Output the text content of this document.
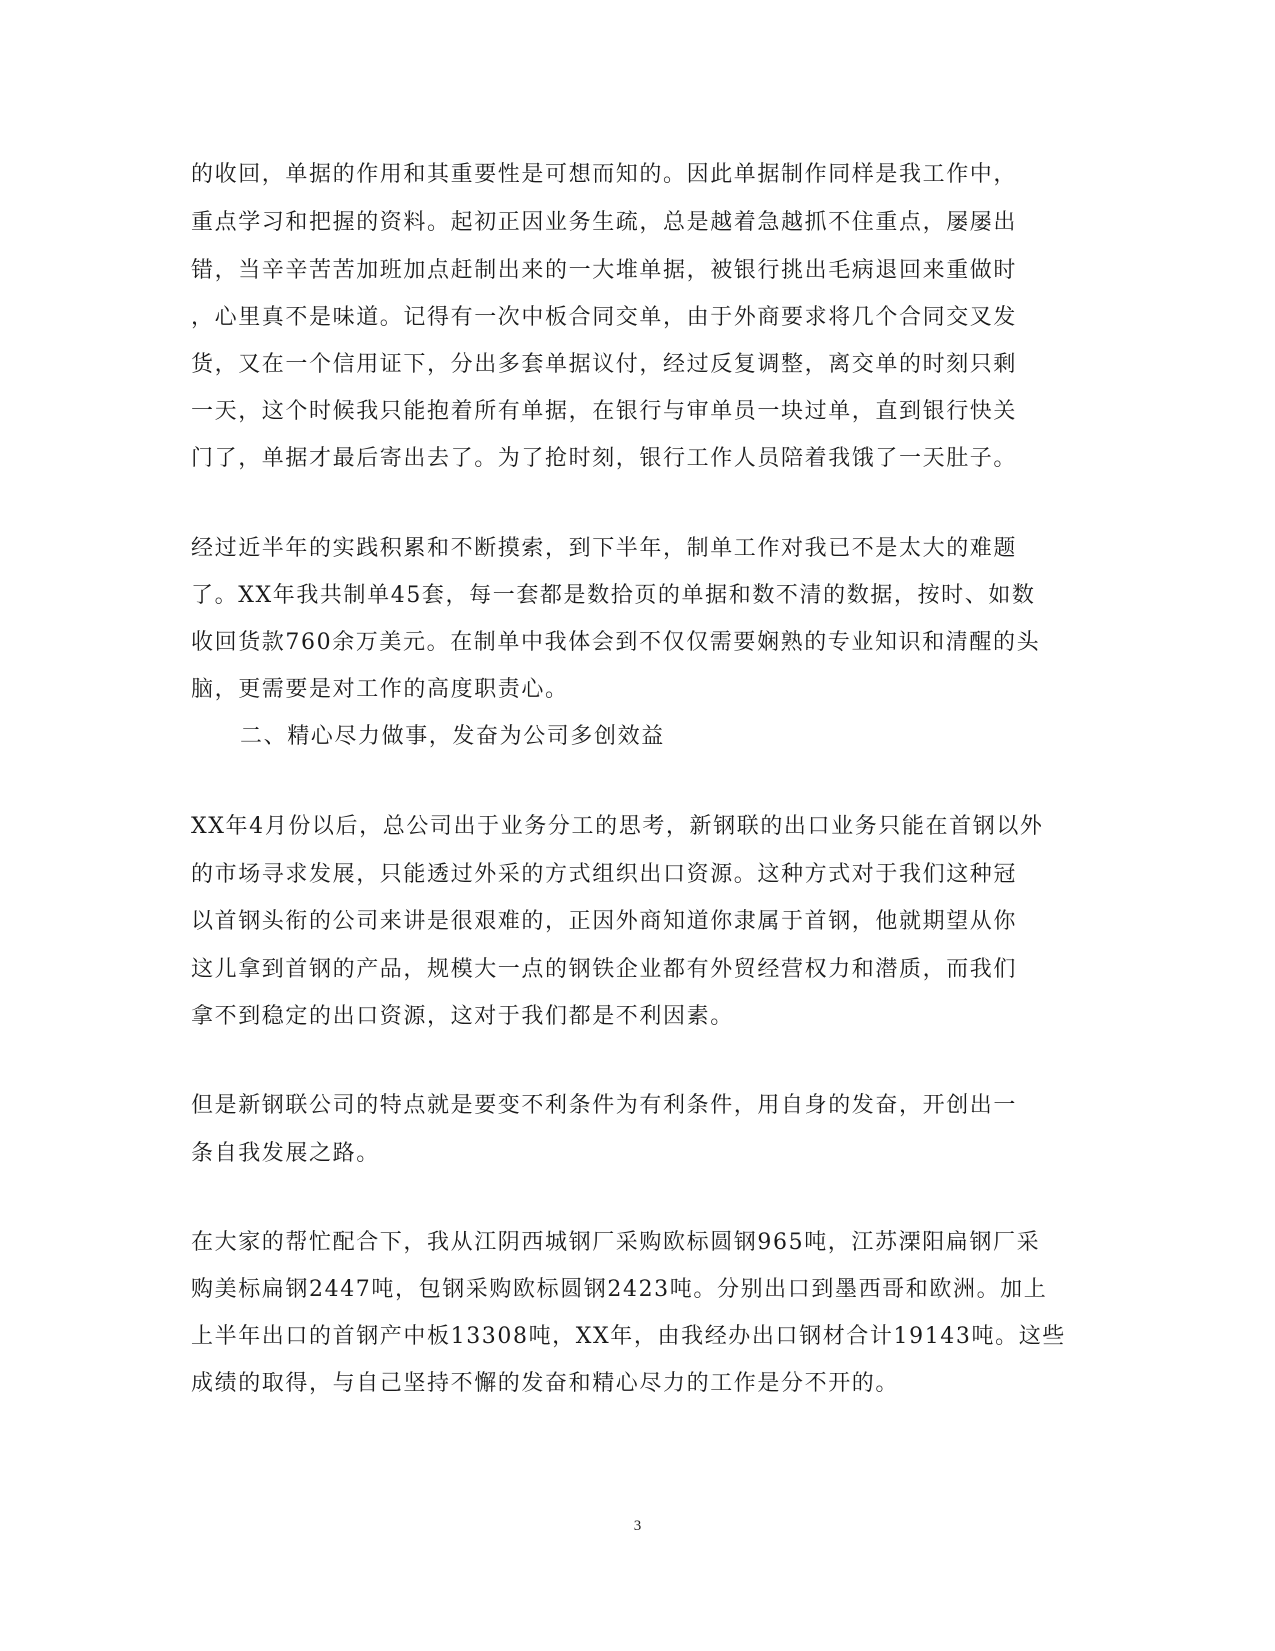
的收回，单据的作用和其重要性是可想而知的。因此单据制作同样是我工作中，
重点学习和把握的资料。起初正因业务生疏，总是越着急越抓不住重点，屡屡出
错，当辛辛苦苦加班加点赶制出来的一大堆单据，被银行挑出毛病退回来重做时
，心里真不是味道。记得有一次中板合同交单，由于外商要求将几个合同交叉发
货，又在一个信用证下，分出多套单据议付，经过反复调整，离交单的时刻只剩
一天，这个时候我只能抱着所有单据，在银行与审单员一块过单，直到银行快关
门了，单据才最后寄出去了。为了抢时刻，银行工作人员陪着我饿了一天肚子。
经过近半年的实践积累和不断摸索，到下半年，制单工作对我已不是太大的难题
了。XX年我共制单45套，每一套都是数拾页的单据和数不清的数据，按时、如数
收回货款760余万美元。在制单中我体会到不仅仅需要娴熟的专业知识和清醒的头
脑，更需要是对工作的高度职责心。
二、精心尽力做事，发奋为公司多创效益
XX年4月份以后，总公司出于业务分工的思考，新钢联的出口业务只能在首钢以外
的市场寻求发展，只能透过外采的方式组织出口资源。这种方式对于我们这种冠
以首钢头衔的公司来讲是很艰难的，正因外商知道你隶属于首钢，他就期望从你
这儿拿到首钢的产品，规模大一点的钢铁企业都有外贸经营权力和潜质，而我们
拿不到稳定的出口资源，这对于我们都是不利因素。
但是新钢联公司的特点就是要变不利条件为有利条件，用自身的发奋，开创出一
条自我发展之路。
在大家的帮忙配合下，我从江阴西城钢厂采购欧标圆钢965吨，江苏溧阳扁钢厂采
购美标扁钢2447吨，包钢采购欧标圆钢2423吨。分别出口到墨西哥和欧洲。加上
上半年出口的首钢产中板13308吨，XX年，由我经办出口钢材合计19143吨。这些
成绩的取得，与自己坚持不懈的发奋和精心尽力的工作是分不开的。
3
